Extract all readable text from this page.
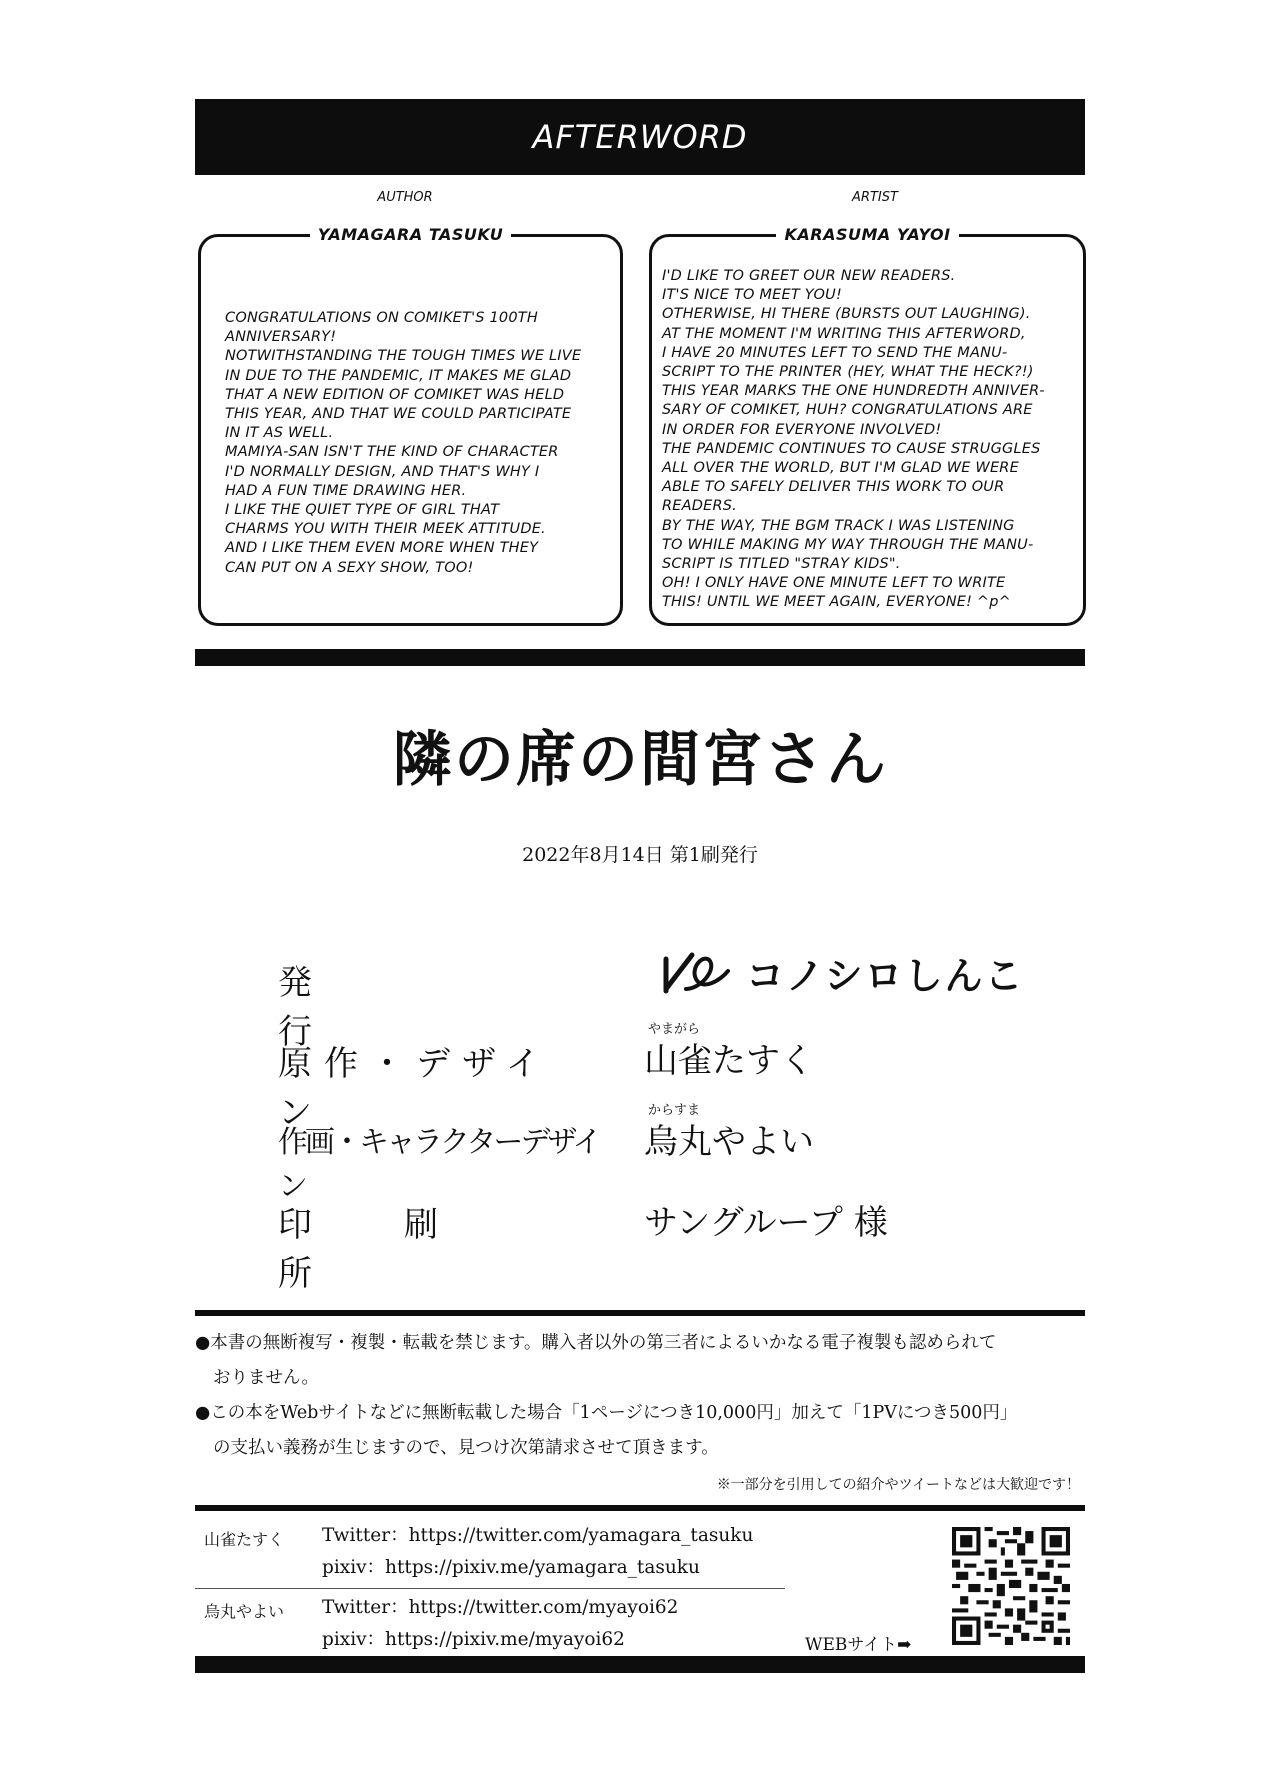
AFTERWORD
AUTHOR	ARTIST
YAMAGARA TASUKU
CONGRATULATIONS ON COMIKET'S 100TH
ANNIVERSARY!
NOTWITHSTANDING THE TOUGH TIMES WE LIVE
IN DUE TO THE PANDEMIC, IT MAKES ME GLAD
THAT A NEW EDITION OF COMIKET WAS HELD
THIS YEAR, AND THAT WE COULD PARTICIPATE
IN IT AS WELL.
MAMIYA-SAN ISN'T THE KIND OF CHARACTER
I'D NORMALLY DESIGN, AND THAT'S WHY I
HAD A FUN TIME DRAWING HER.
I LIKE THE QUIET TYPE OF GIRL THAT
CHARMS YOU WITH THEIR MEEK ATTITUDE.
AND I LIKE THEM EVEN MORE WHEN THEY
CAN PUT ON A SEXY SHOW, TOO!
KARASUMA YAYOI
I'D LIKE TO GREET OUR NEW READERS.
IT'S NICE TO MEET YOU!
OTHERWISE, HI THERE (BURSTS OUT LAUGHING).
AT THE MOMENT I'M WRITING THIS AFTERWORD,
I HAVE 20 MINUTES LEFT TO SEND THE MANU-
SCRIPT TO THE PRINTER (HEY, WHAT THE HECK?!)
THIS YEAR MARKS THE ONE HUNDREDTH ANNIVER-
SARY OF COMIKET, HUH? CONGRATULATIONS ARE
IN ORDER FOR EVERYONE INVOLVED!
THE PANDEMIC CONTINUES TO CAUSE STRUGGLES
ALL OVER THE WORLD, BUT I'M GLAD WE WERE
ABLE TO SAFELY DELIVER THIS WORK TO OUR
READERS.
BY THE WAY, THE BGM TRACK I WAS LISTENING
TO WHILE MAKING MY WAY THROUGH THE MANU-
SCRIPT IS TITLED "STRAY KIDS".
OH! I ONLY HAVE ONE MINUTE LEFT TO WRITE
THIS! UNTIL WE MEET AGAIN, EVERYONE! ^p^
隣の席の間宮さん
2022年8月14日 第1刷発行
発行
コノシロしんこ
原作・デザイン
やまがら
山雀たすく
作画・キャラクターデザイン
からすま
烏丸やよい
印刷所
サングループ 様
●本書の無断複写・複製・転載を禁じます。購入者以外の第三者によるいかなる電子複製も認められて
おりません。
●この本をWebサイトなどに無断転載した場合「1ページにつき10,000円」加えて「1PVにつき500円」
の支払い義務が生じますので、見つけ次第請求させて頂きます。
※一部分を引用しての紹介やツイートなどは大歓迎です！
山雀たすく Twitter：https://twitter.com/yamagara_tasuku
pixiv：https://pixiv.me/yamagara_tasuku
烏丸やよい Twitter：https://twitter.com/myayoi62
pixiv：https://pixiv.me/myayoi62	WEBサイト➡
